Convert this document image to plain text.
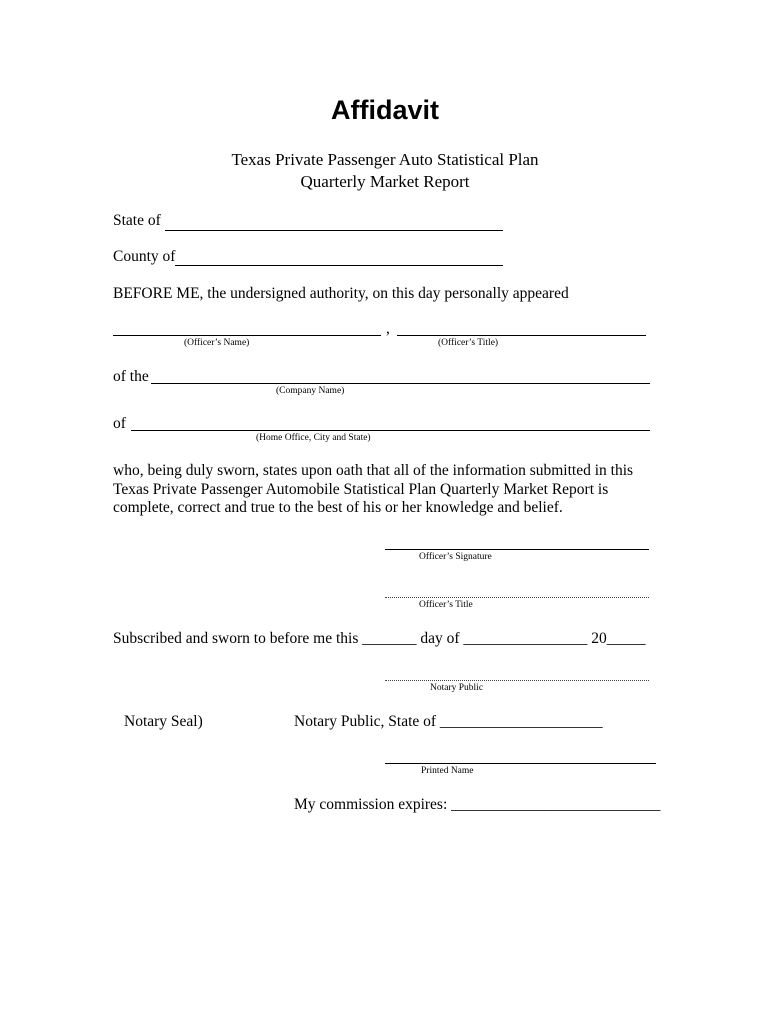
Affidavit
Texas Private Passenger Auto Statistical Plan
Quarterly Market Report
State of
County of
BEFORE ME, the undersigned authority, on this day personally appeared
,
(Officer’s Name)	(Officer’s Title)
of the
(Company Name)
of
(Home Office, City and State)
who, being duly sworn, states upon oath that all of the information submitted in this
Texas Private Passenger Automobile Statistical Plan Quarterly Market Report is
complete, correct and true to the best of his or her knowledge and belief.
Officer’s Signature
Officer’s Title
Subscribed and sworn to before me this _______ day of ________________ 20_____
Notary Public
Notary Seal)	Notary Public, State of _____________________
Printed Name
My commission expires: ___________________________
